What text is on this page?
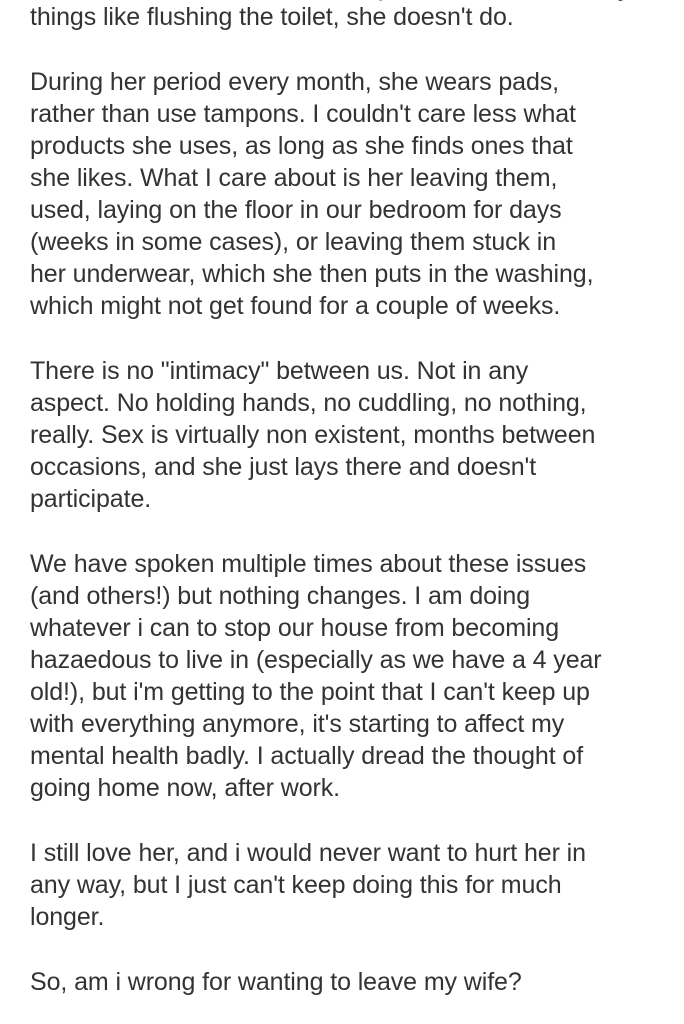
things like flushing the toilet, she doesn't do.

During her period every month, she wears pads,
rather than use tampons. I couldn't care less what
products she uses, as long as she finds ones that
she likes. What I care about is her leaving them,
used, laying on the floor in our bedroom for days
(weeks in some cases), or leaving them stuck in
her underwear, which she then puts in the washing,
which might not get found for a couple of weeks.

There is no "intimacy" between us. Not in any
aspect. No holding hands, no cuddling, no nothing,
really. Sex is virtually non existent, months between
occasions, and she just lays there and doesn't
participate.

We have spoken multiple times about these issues
(and others!) but nothing changes. I am doing
whatever i can to stop our house from becoming
hazaedous to live in (especially as we have a 4 year
old!), but i'm getting to the point that I can't keep up
with everything anymore, it's starting to affect my
mental health badly. I actually dread the thought of
going home now, after work.

I still love her, and i would never want to hurt her in
any way, but I just can't keep doing this for much
longer.

So, am i wrong for wanting to leave my wife?
